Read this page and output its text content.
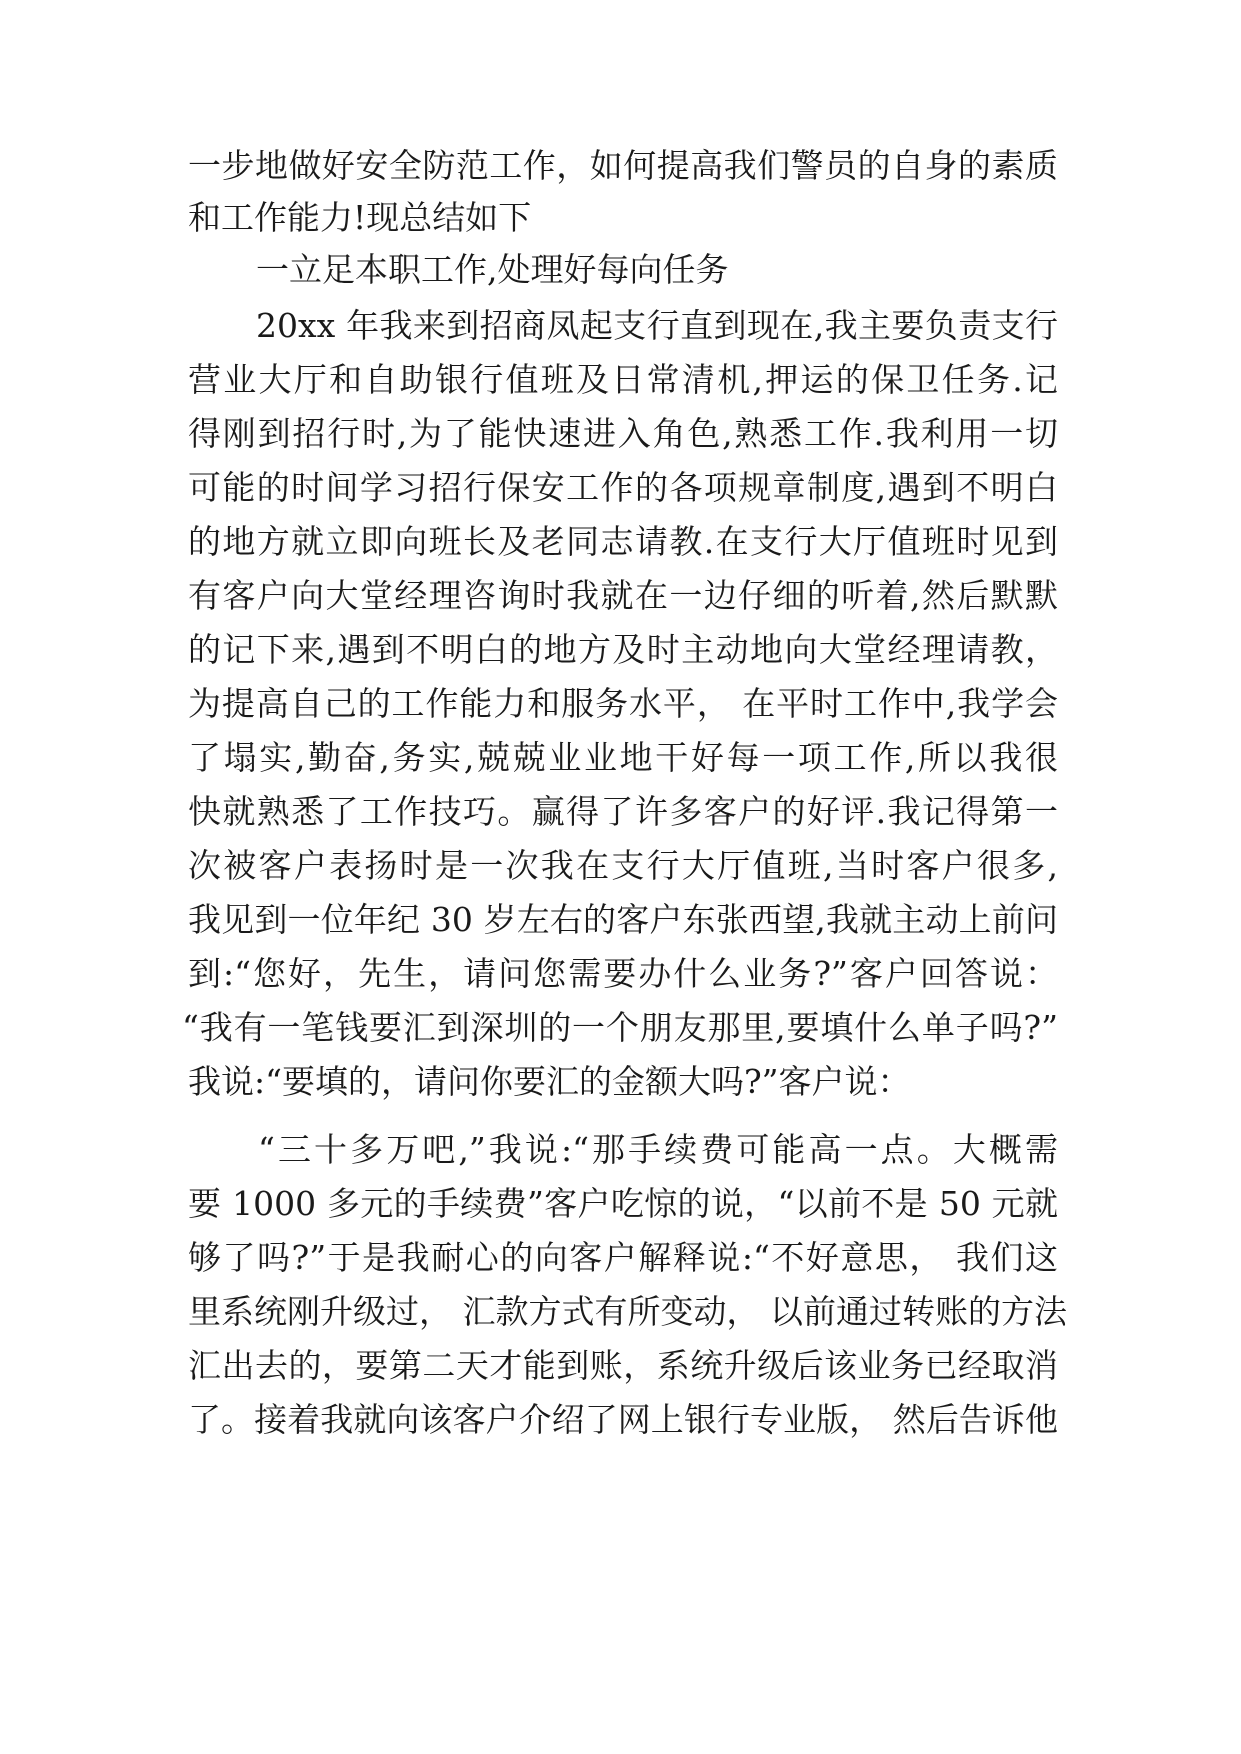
一步地做好安全防范工作，如何提高我们警员的自身的素质
和工作能力!现总结如下
一立足本职工作,处理好每向任务
20xx 年我来到招商凤起支行直到现在,我主要负责支行
营业大厅和自助银行值班及日常清机,押运的保卫任务.记
得刚到招行时,为了能快速进入角色,熟悉工作.我利用一切
可能的时间学习招行保安工作的各项规章制度,遇到不明白
的地方就立即向班长及老同志请教.在支行大厅值班时见到
有客户向大堂经理咨询时我就在一边仔细的听着,然后默默
的记下来,遇到不明白的地方及时主动地向大堂经理请教，
为提高自己的工作能力和服务水平， 在平时工作中,我学会
了塌实,勤奋,务实,兢兢业业地干好每一项工作,所以我很
快就熟悉了工作技巧。赢得了许多客户的好评.我记得第一
次被客户表扬时是一次我在支行大厅值班,当时客户很多,
我见到一位年纪 30 岁左右的客户东张西望,我就主动上前问
到:“您好，先生，请问您需要办什么业务?”客户回答说：
“我有一笔钱要汇到深圳的一个朋友那里,要填什么单子吗?”
我说:“要填的，请问你要汇的金额大吗?”客户说：
“三十多万吧,”我说:“那手续费可能高一点。大概需
要 1000 多元的手续费”客户吃惊的说，“以前不是 50 元就
够了吗?”于是我耐心的向客户解释说:“不好意思， 我们这
里系统刚升级过， 汇款方式有所变动， 以前通过转账的方法
汇出去的，要第二天才能到账，系统升级后该业务已经取消
了。接着我就向该客户介绍了网上银行专业版， 然后告诉他
